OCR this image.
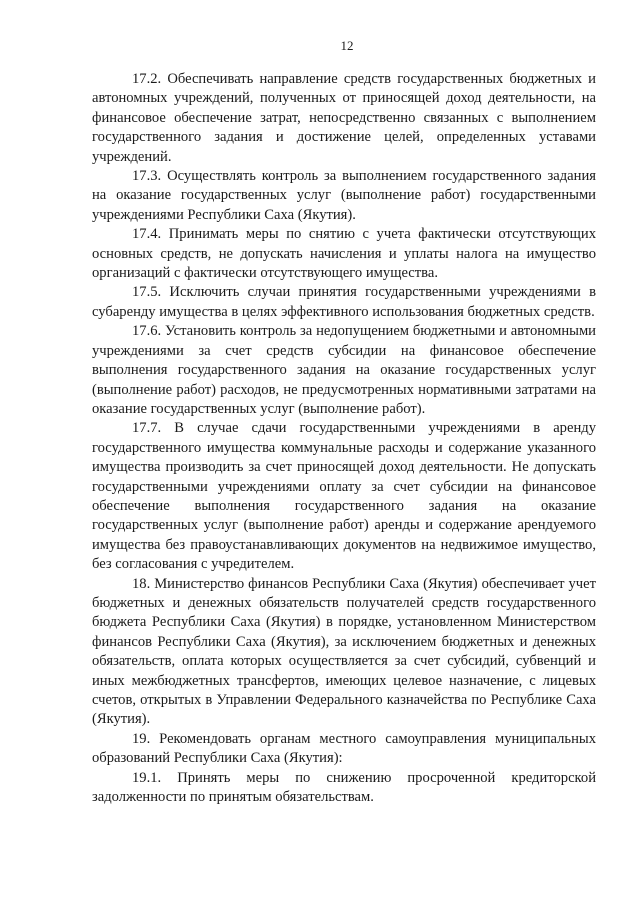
12

17.2. Обеспечивать направление средств государственных бюджетных и автономных учреждений, полученных от приносящей доход деятельности, на финансовое обеспечение затрат, непосредственно связанных с выполнением государственного задания и достижение целей, определенных уставами учреждений.

17.3. Осуществлять контроль за выполнением государственного задания на оказание государственных услуг (выполнение работ) государственными учреждениями Республики Саха (Якутия).

17.4. Принимать меры по снятию с учета фактически отсутствующих основных средств, не допускать начисления и уплаты налога на имущество организаций с фактически отсутствующего имущества.

17.5. Исключить случаи принятия государственными учреждениями в субаренду имущества в целях эффективного использования бюджетных средств.

17.6. Установить контроль за недопущением бюджетными и автономными учреждениями за счет средств субсидии на финансовое обеспечение выполнения государственного задания на оказание государственных услуг (выполнение работ) расходов, не предусмотренных нормативными затратами на оказание государственных услуг (выполнение работ).

17.7. В случае сдачи государственными учреждениями в аренду государственного имущества коммунальные расходы и содержание указанного имущества производить за счет приносящей доход деятельности. Не допускать государственными учреждениями оплату за счет субсидии на финансовое обеспечение выполнения государственного задания на оказание государственных услуг (выполнение работ) аренды и содержание арендуемого имущества без правоустанавливающих документов на недвижимое имущество, без согласования с учредителем.

18. Министерство финансов Республики Саха (Якутия) обеспечивает учет бюджетных и денежных обязательств получателей средств государственного бюджета Республики Саха (Якутия) в порядке, установленном Министерством финансов Республики Саха (Якутия), за исключением бюджетных и денежных обязательств, оплата которых осуществляется за счет субсидий, субвенций и иных межбюджетных трансфертов, имеющих целевое назначение, с лицевых счетов, открытых в Управлении Федерального казначейства по Республике Саха (Якутия).

19. Рекомендовать органам местного самоуправления муниципальных образований Республики Саха (Якутия):

19.1. Принять меры по снижению просроченной кредиторской задолженности по принятым обязательствам.
